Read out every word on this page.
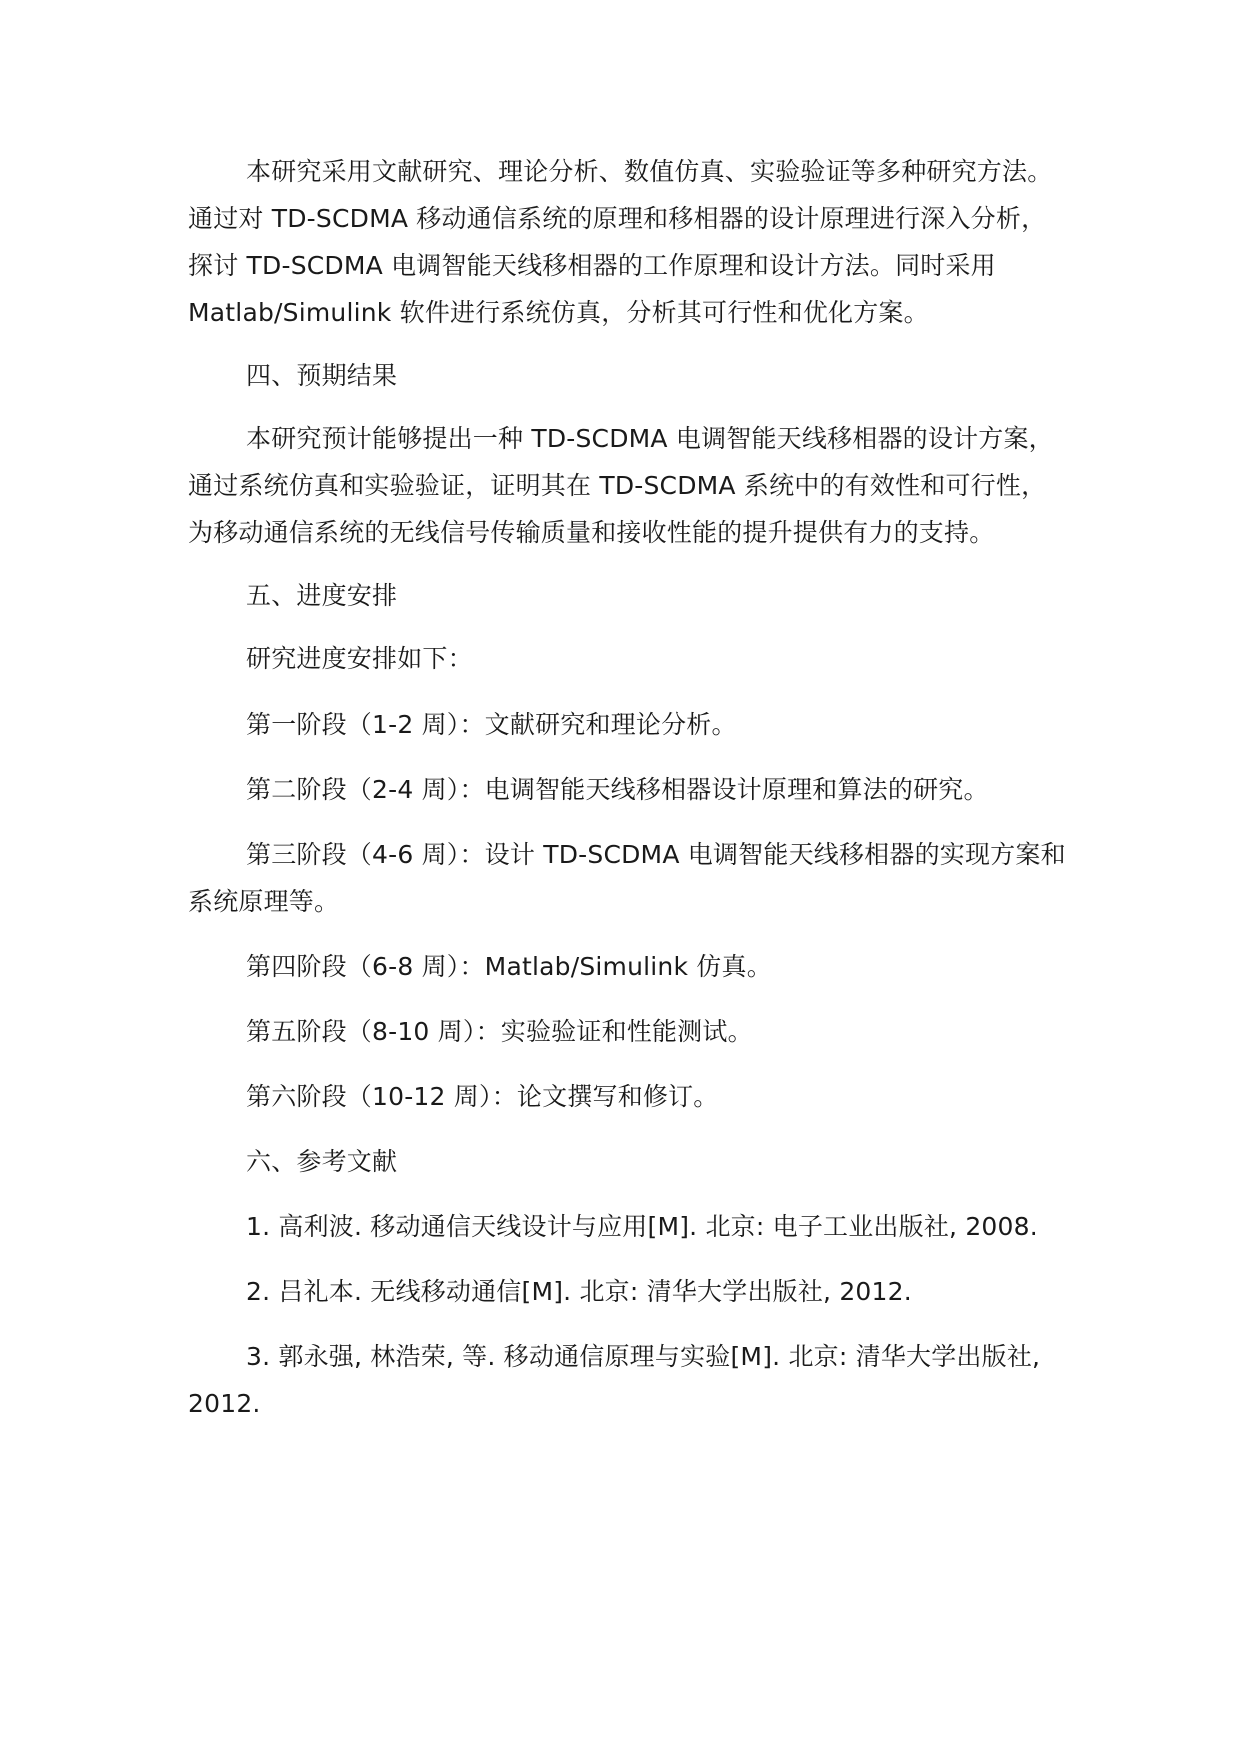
本研究采用文献研究、理论分析、数值仿真、实验验证等多种研究方法。通过对 TD-SCDMA 移动通信系统的原理和移相器的设计原理进行深入分析，探讨 TD-SCDMA 电调智能天线移相器的工作原理和设计方法。同时采用 Matlab/Simulink 软件进行系统仿真，分析其可行性和优化方案。

四、预期结果

本研究预计能够提出一种 TD-SCDMA 电调智能天线移相器的设计方案，通过系统仿真和实验验证，证明其在 TD-SCDMA 系统中的有效性和可行性，为移动通信系统的无线信号传输质量和接收性能的提升提供有力的支持。

五、进度安排

研究进度安排如下：

第一阶段（1-2 周）：文献研究和理论分析。

第二阶段（2-4 周）：电调智能天线移相器设计原理和算法的研究。

第三阶段（4-6 周）：设计 TD-SCDMA 电调智能天线移相器的实现方案和系统原理等。

第四阶段（6-8 周）：Matlab/Simulink 仿真。

第五阶段（8-10 周）：实验验证和性能测试。

第六阶段（10-12 周）：论文撰写和修订。

六、参考文献

1. 高利波. 移动通信天线设计与应用[M]. 北京: 电子工业出版社, 2008.

2. 吕礼本. 无线移动通信[M]. 北京: 清华大学出版社, 2012.

3. 郭永强, 林浩荣, 等. 移动通信原理与实验[M]. 北京: 清华大学出版社, 2012.
